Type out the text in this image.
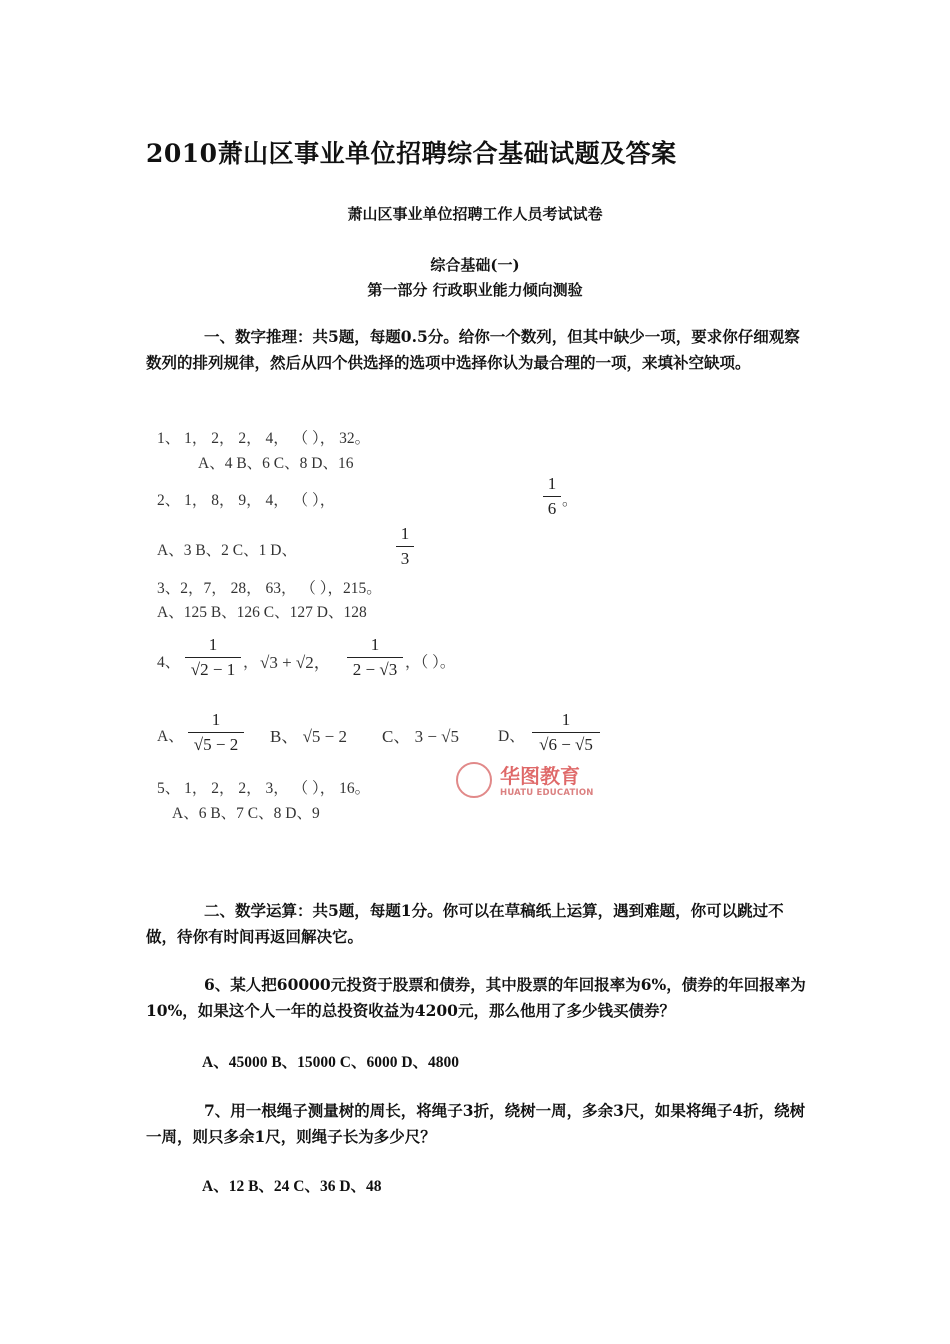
2010萧山区事业单位招聘综合基础试题及答案
萧山区事业单位招聘工作人员考试试卷
综合基础(一)
第一部分 行政职业能力倾向测验
一、数字推理：共5题，每题0.5分。给你一个数列，但其中缺少一项，要求你仔细观察数列的排列规律，然后从四个供选择的选项中选择你认为最合理的一项，来填补空缺项。
1、 1， 2， 2， 4， （ ）， 32。
A、4 B、6 C、8 D、16
2、 1， 8， 9， 4， （ ），
1
6 。
A、3 B、2 C、1 D、
1
3
3、2，7， 28， 63， （ ），215。
A、125 B、126 C、127 D、128
4、
1
√2 − 1 ， √3 + √2，
1
2 − √3 ，（ ）。
A、
1
√5 − 2	B、 √5 − 2 C、 3 − √5	D、
1
√6 − √5
5、 1， 2， 2， 3， （ ）， 16。
A、6 B、7 C、8 D、9
华图教育
HUATU EDUCATION
二、数学运算：共5题，每题1分。你可以在草稿纸上运算，遇到难题，你可以跳过不做，待你有时间再返回解决它。
6、某人把60000元投资于股票和债券，其中股票的年回报率为6%，债券的年回报率为10%，如果这个人一年的总投资收益为4200元，那么他用了多少钱买债券？
A、45000 B、15000 C、6000 D、4800
7、用一根绳子测量树的周长，将绳子3折，绕树一周，多余3尺，如果将绳子4折，绕树一周，则只多余1尺，则绳子长为多少尺？
A、12 B、24 C、36 D、48
